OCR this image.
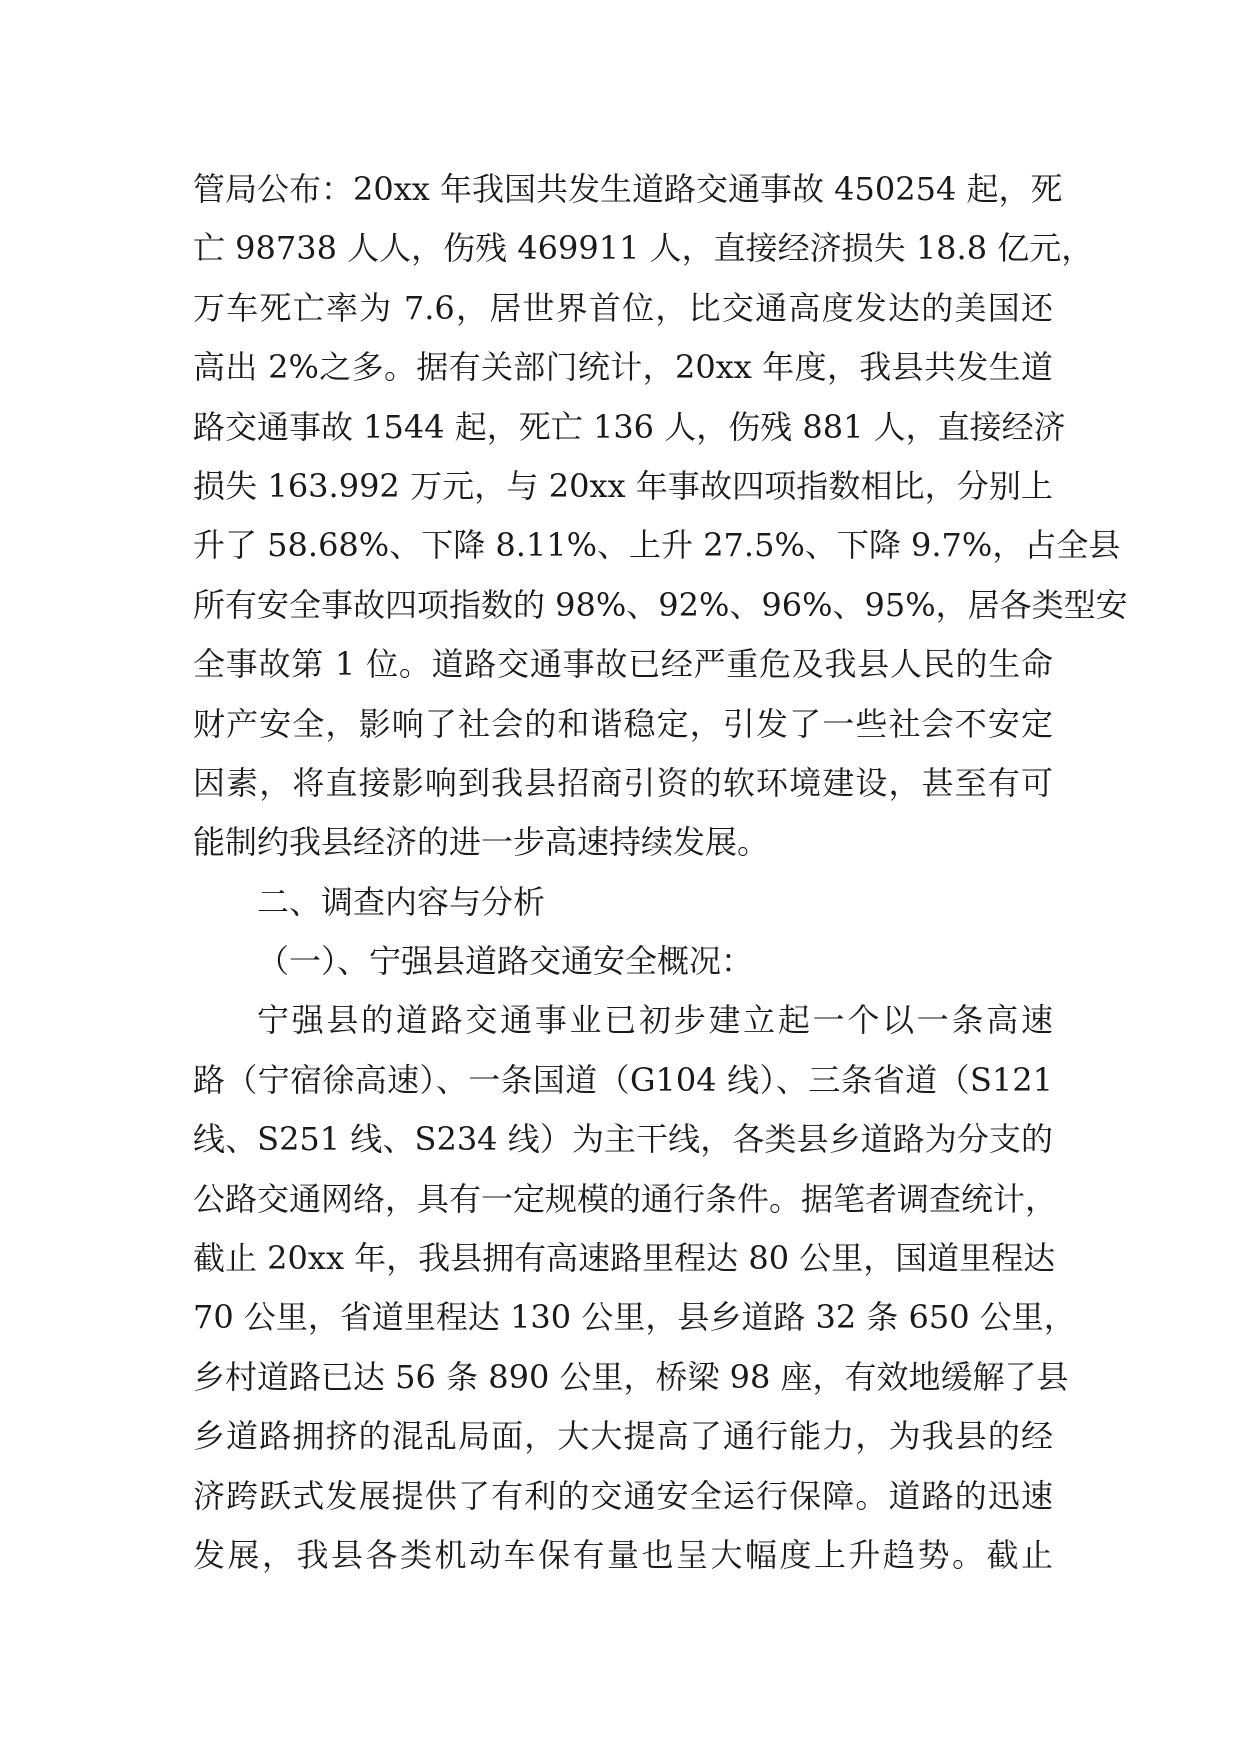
管局公布：20xx 年我国共发生道路交通事故 450254 起，死
亡 98738 人人，伤残 469911 人，直接经济损失 18.8 亿元，
万车死亡率为 7.6，居世界首位，比交通高度发达的美国还
高出 2%之多。据有关部门统计，20xx 年度，我县共发生道
路交通事故 1544 起，死亡 136 人，伤残 881 人，直接经济
损失 163.992 万元，与 20xx 年事故四项指数相比，分别上
升了 58.68%、下降 8.11%、上升 27.5%、下降 9.7%，占全县
所有安全事故四项指数的 98%、92%、96%、95%，居各类型安
全事故第 1 位。道路交通事故已经严重危及我县人民的生命
财产安全，影响了社会的和谐稳定，引发了一些社会不安定
因素，将直接影响到我县招商引资的软环境建设，甚至有可
能制约我县经济的进一步高速持续发展。
二、调查内容与分析
（一）、宁强县道路交通安全概况：
宁强县的道路交通事业已初步建立起一个以一条高速
路（宁宿徐高速）、一条国道（G104 线）、三条省道（S121
线、S251 线、S234 线）为主干线，各类县乡道路为分支的
公路交通网络，具有一定规模的通行条件。据笔者调查统计，
截止 20xx 年，我县拥有高速路里程达 80 公里，国道里程达
70 公里，省道里程达 130 公里，县乡道路 32 条 650 公里，
乡村道路已达 56 条 890 公里，桥梁 98 座，有效地缓解了县
乡道路拥挤的混乱局面，大大提高了通行能力，为我县的经
济跨跃式发展提供了有利的交通安全运行保障。道路的迅速
发展，我县各类机动车保有量也呈大幅度上升趋势。截止
